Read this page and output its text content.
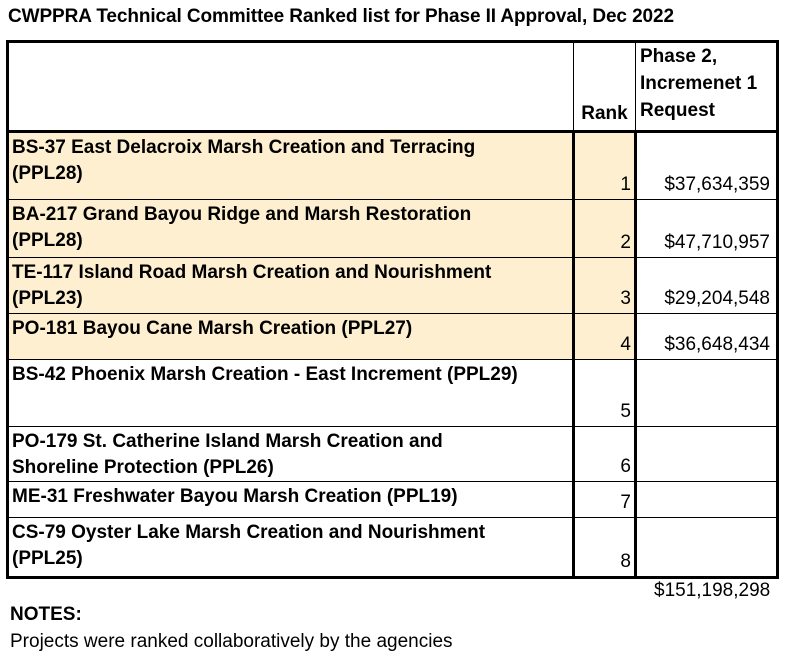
CWPPRA Technical Committee Ranked list for Phase II Approval, Dec 2022
	Rank	Phase 2,
Incremenet 1
Request

BS-37 East Delacroix Marsh Creation and Terracing
(PPL28)	1	$37,634,359

BA-217 Grand Bayou Ridge and Marsh Restoration
(PPL28)	2	$47,710,957

TE-117 Island Road Marsh Creation and Nourishment
(PPL23)	3	$29,204,548

PO-181 Bayou Cane Marsh Creation (PPL27)	4	$36,648,434

BS-42 Phoenix Marsh Creation - East Increment (PPL29)	5	

PO-179 St. Catherine Island Marsh Creation and
Shoreline Protection (PPL26)	6	

ME-31 Freshwater Bayou Marsh Creation (PPL19)	7	

CS-79 Oyster Lake Marsh Creation and Nourishment
(PPL25)	8	
$151,198,298
NOTES:
Projects were ranked collaboratively by the agencies
